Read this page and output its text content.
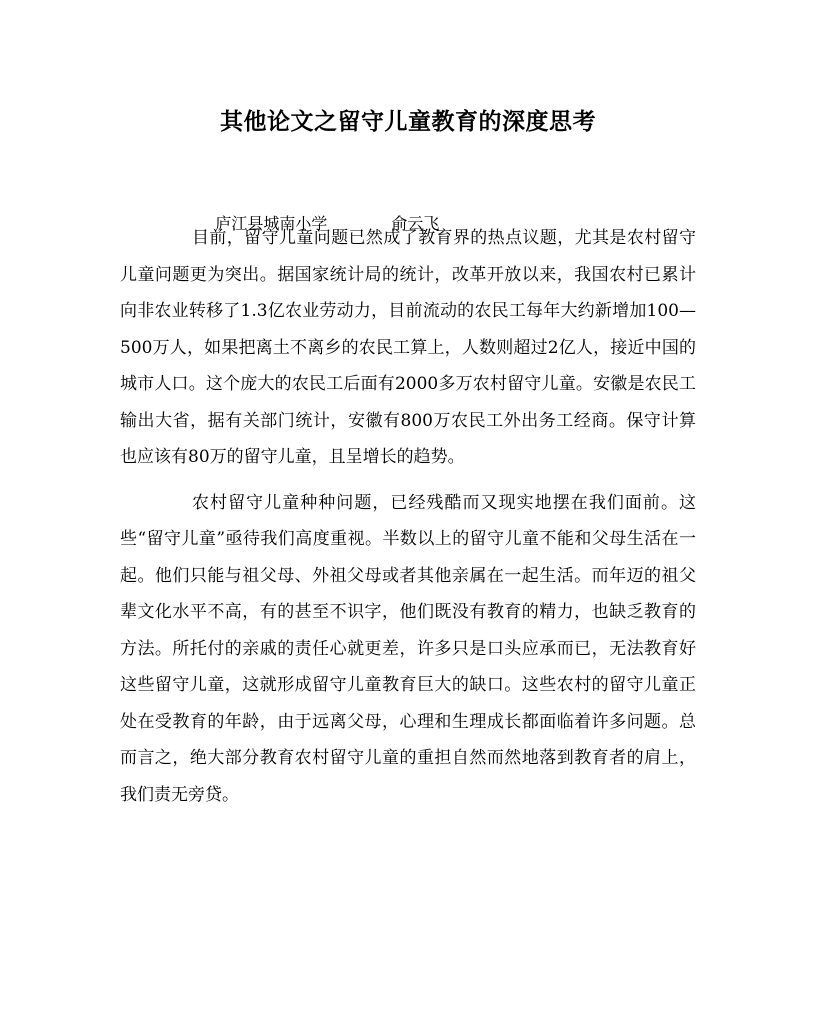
其他论文之留守儿童教育的深度思考

庐江县城南小学	俞云飞

目前，留守儿童问题已然成了教育界的热点议题，尤其是农村留守儿童问题更为突出。据国家统计局的统计，改革开放以来，我国农村已累计向非农业转移了1.3亿农业劳动力，目前流动的农民工每年大约新增加100—500万人，如果把离土不离乡的农民工算上，人数则超过2亿人，接近中国的城市人口。这个庞大的农民工后面有2000多万农村留守儿童。安徽是农民工输出大省，据有关部门统计，安徽有800万农民工外出务工经商。保守计算也应该有80万的留守儿童，且呈增长的趋势。

农村留守儿童种种问题，已经残酷而又现实地摆在我们面前。这些“留守儿童”亟待我们高度重视。半数以上的留守儿童不能和父母生活在一起。他们只能与祖父母、外祖父母或者其他亲属在一起生活。而年迈的祖父辈文化水平不高，有的甚至不识字，他们既没有教育的精力，也缺乏教育的方法。所托付的亲戚的责任心就更差，许多只是口头应承而已，无法教育好这些留守儿童，这就形成留守儿童教育巨大的缺口。这些农村的留守儿童正处在受教育的年龄，由于远离父母，心理和生理成长都面临着许多问题。总而言之，绝大部分教育农村留守儿童的重担自然而然地落到教育者的肩上，我们责无旁贷。
